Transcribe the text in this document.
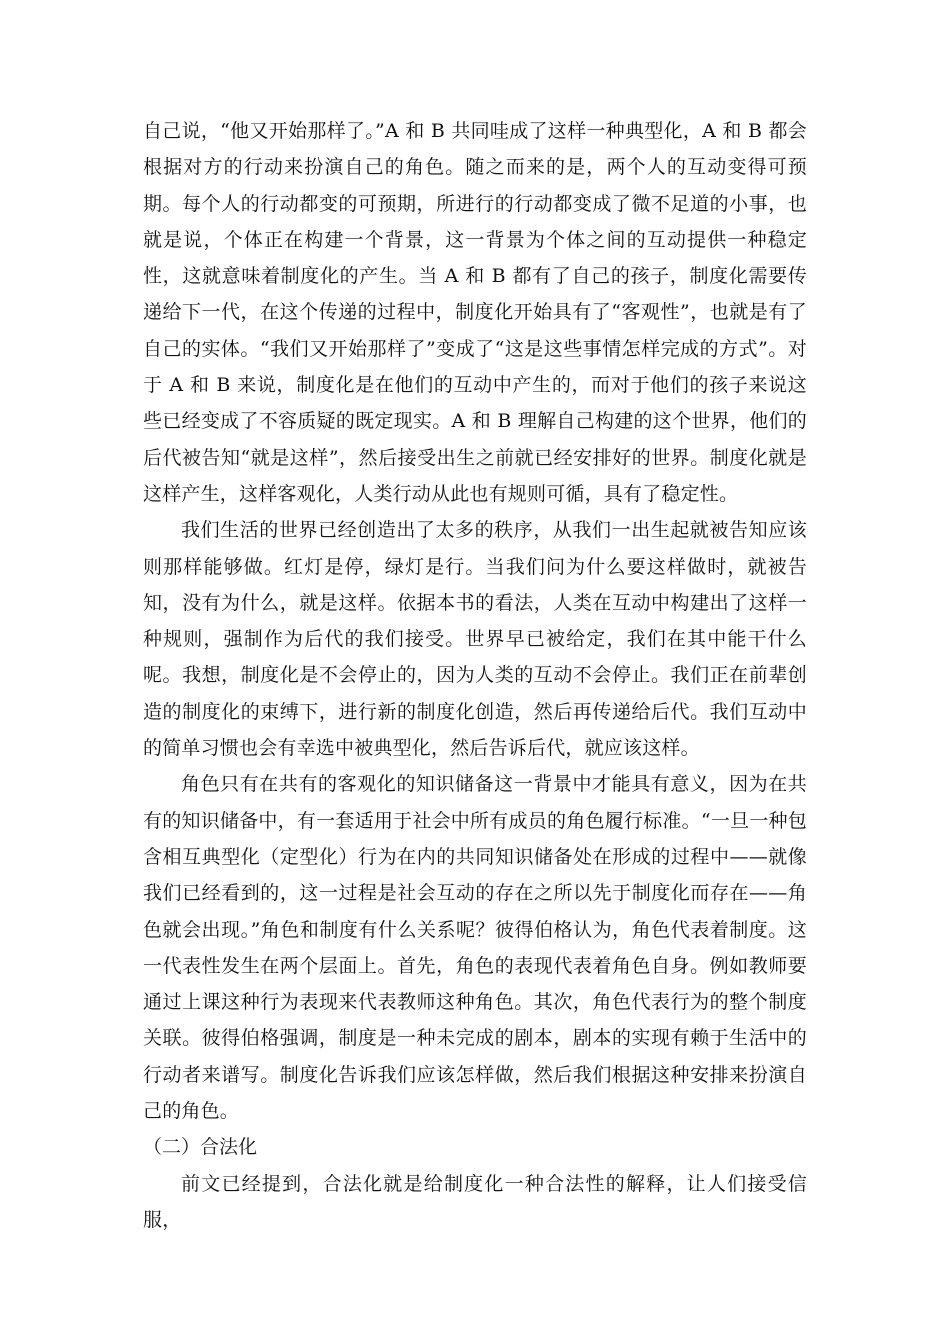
自己说，“他又开始那样了。”A 和 B 共同哇成了这样一种典型化，A 和 B 都会根据对方的行动来扮演自己的角色。随之而来的是，两个人的互动变得可预期。每个人的行动都变的可预期，所进行的行动都变成了微不足道的小事，也就是说，个体正在构建一个背景，这一背景为个体之间的互动提供一种稳定性，这就意味着制度化的产生。当 A 和 B 都有了自己的孩子，制度化需要传递给下一代，在这个传递的过程中，制度化开始具有了“客观性”，也就是有了自己的实体。“我们又开始那样了”变成了“这是这些事情怎样完成的方式”。对于 A 和 B 来说，制度化是在他们的互动中产生的，而对于他们的孩子来说这些已经变成了不容质疑的既定现实。A 和 B 理解自己构建的这个世界，他们的后代被告知“就是这样”，然后接受出生之前就已经安排好的世界。制度化就是这样产生，这样客观化，人类行动从此也有规则可循，具有了稳定性。

我们生活的世界已经创造出了太多的秩序，从我们一出生起就被告知应该则那样能够做。红灯是停，绿灯是行。当我们问为什么要这样做时，就被告知，没有为什么，就是这样。依据本书的看法，人类在互动中构建出了这样一种规则，强制作为后代的我们接受。世界早已被给定，我们在其中能干什么呢。我想，制度化是不会停止的，因为人类的互动不会停止。我们正在前辈创造的制度化的束缚下，进行新的制度化创造，然后再传递给后代。我们互动中的简单习惯也会有幸选中被典型化，然后告诉后代，就应该这样。

角色只有在共有的客观化的知识储备这一背景中才能具有意义，因为在共有的知识储备中，有一套适用于社会中所有成员的角色履行标准。“一旦一种包含相互典型化（定型化）行为在内的共同知识储备处在形成的过程中——就像我们已经看到的，这一过程是社会互动的存在之所以先于制度化而存在——角色就会出现。”角色和制度有什么关系呢？彼得伯格认为，角色代表着制度。这一代表性发生在两个层面上。首先，角色的表现代表着角色自身。例如教师要通过上课这种行为表现来代表教师这种角色。其次，角色代表行为的整个制度关联。彼得伯格强调，制度是一种未完成的剧本，剧本的实现有赖于生活中的行动者来谱写。制度化告诉我们应该怎样做，然后我们根据这种安排来扮演自己的角色。

（二）合法化

前文已经提到，合法化就是给制度化一种合法性的解释，让人们接受信服，
